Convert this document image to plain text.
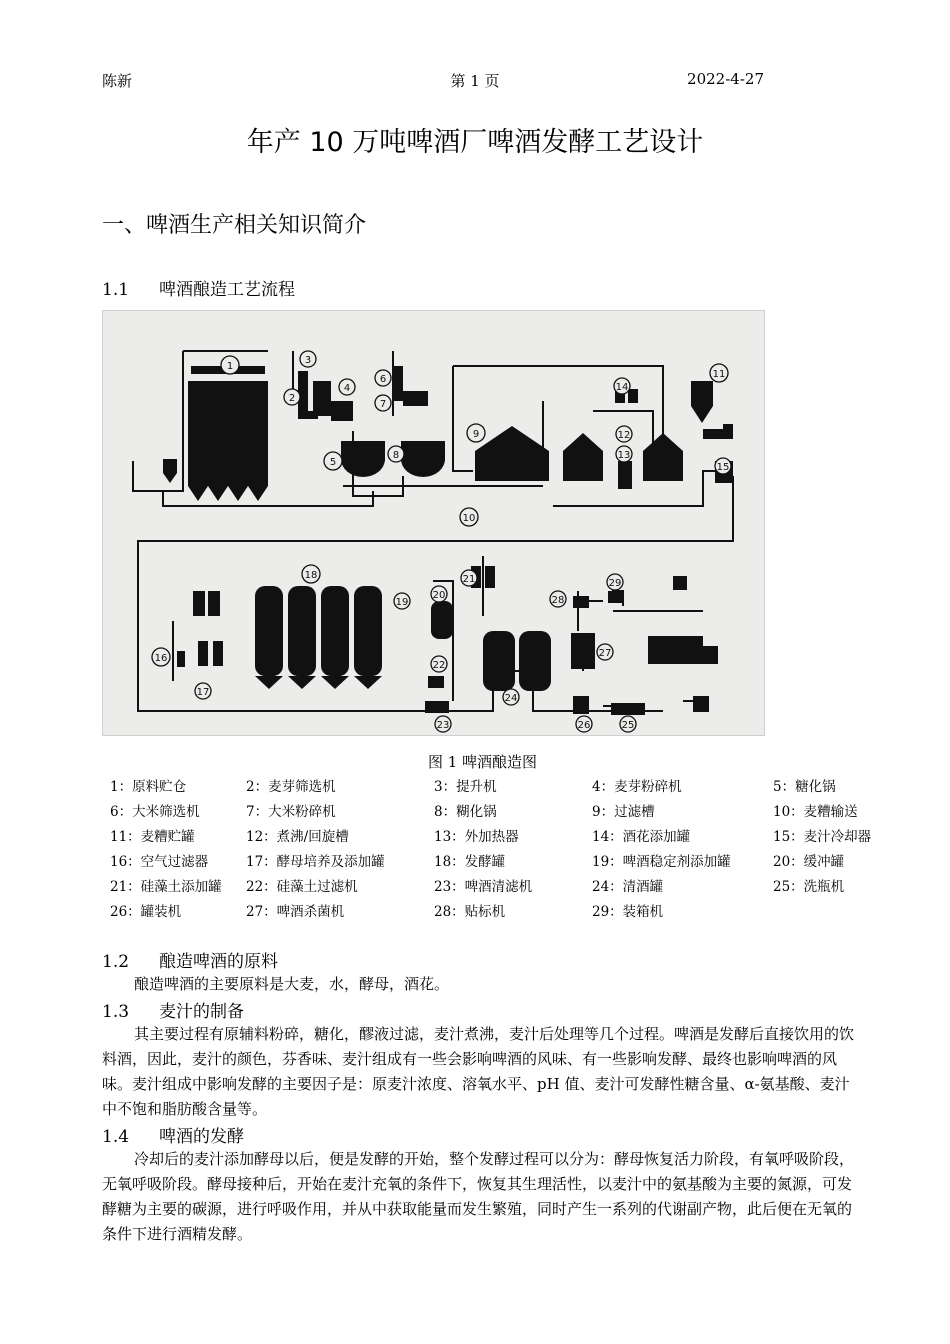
陈新	第 1 页	2022-4-27
年产 10 万吨啤酒厂啤酒发酵工艺设计
一、啤酒生产相关知识简介
1.1 啤酒酿造工艺流程
1
2
3
4
5
6
7
8
9
10
11
12
13
14
15
16
17
18
19
20
21
22
23
24
25
26
27
28
29
图 1 啤酒酿造图
1：原料贮仓	2：麦芽筛选机	3：提升机	4：麦芽粉碎机	5：糖化锅
6：大米筛选机	7：大米粉碎机	8：糊化锅	9：过滤槽	10：麦糟输送
11：麦糟贮罐	12：煮沸/回旋槽	13：外加热器	14：酒花添加罐	15：麦汁冷却器
16：空气过滤器	17：酵母培养及添加罐	18：发酵罐	19：啤酒稳定剂添加罐	20：缓冲罐
21：硅藻土添加罐	22：硅藻土过滤机	23：啤酒清滤机	24：清酒罐	25：洗瓶机
26：罐装机	27：啤酒杀菌机	28：贴标机	29：装箱机
1.2 酿造啤酒的原料

酿造啤酒的主要原料是大麦，水，酵母，酒花。

1.3 麦汁的制备

其主要过程有原辅料粉碎，糖化，醪液过滤，麦汁煮沸，麦汁后处理等几个过程。啤酒是发酵后直接饮用的饮料酒，因此，麦汁的颜色，芬香味、麦汁组成有一些会影响啤酒的风味、有一些影响发酵、最终也影响啤酒的风味。麦汁组成中影响发酵的主要因子是：原麦汁浓度、溶氧水平、pH 值、麦汁可发酵性糖含量、α-氨基酸、麦汁中不饱和脂肪酸含量等。

1.4 啤酒的发酵

冷却后的麦汁添加酵母以后，便是发酵的开始，整个发酵过程可以分为：酵母恢复活力阶段，有氧呼吸阶段，无氧呼吸阶段。酵母接种后，开始在麦汁充氧的条件下，恢复其生理活性，以麦汁中的氨基酸为主要的氮源，可发酵糖为主要的碳源，进行呼吸作用，并从中获取能量而发生繁殖，同时产生一系列的代谢副产物，此后便在无氧的条件下进行酒精发酵。
